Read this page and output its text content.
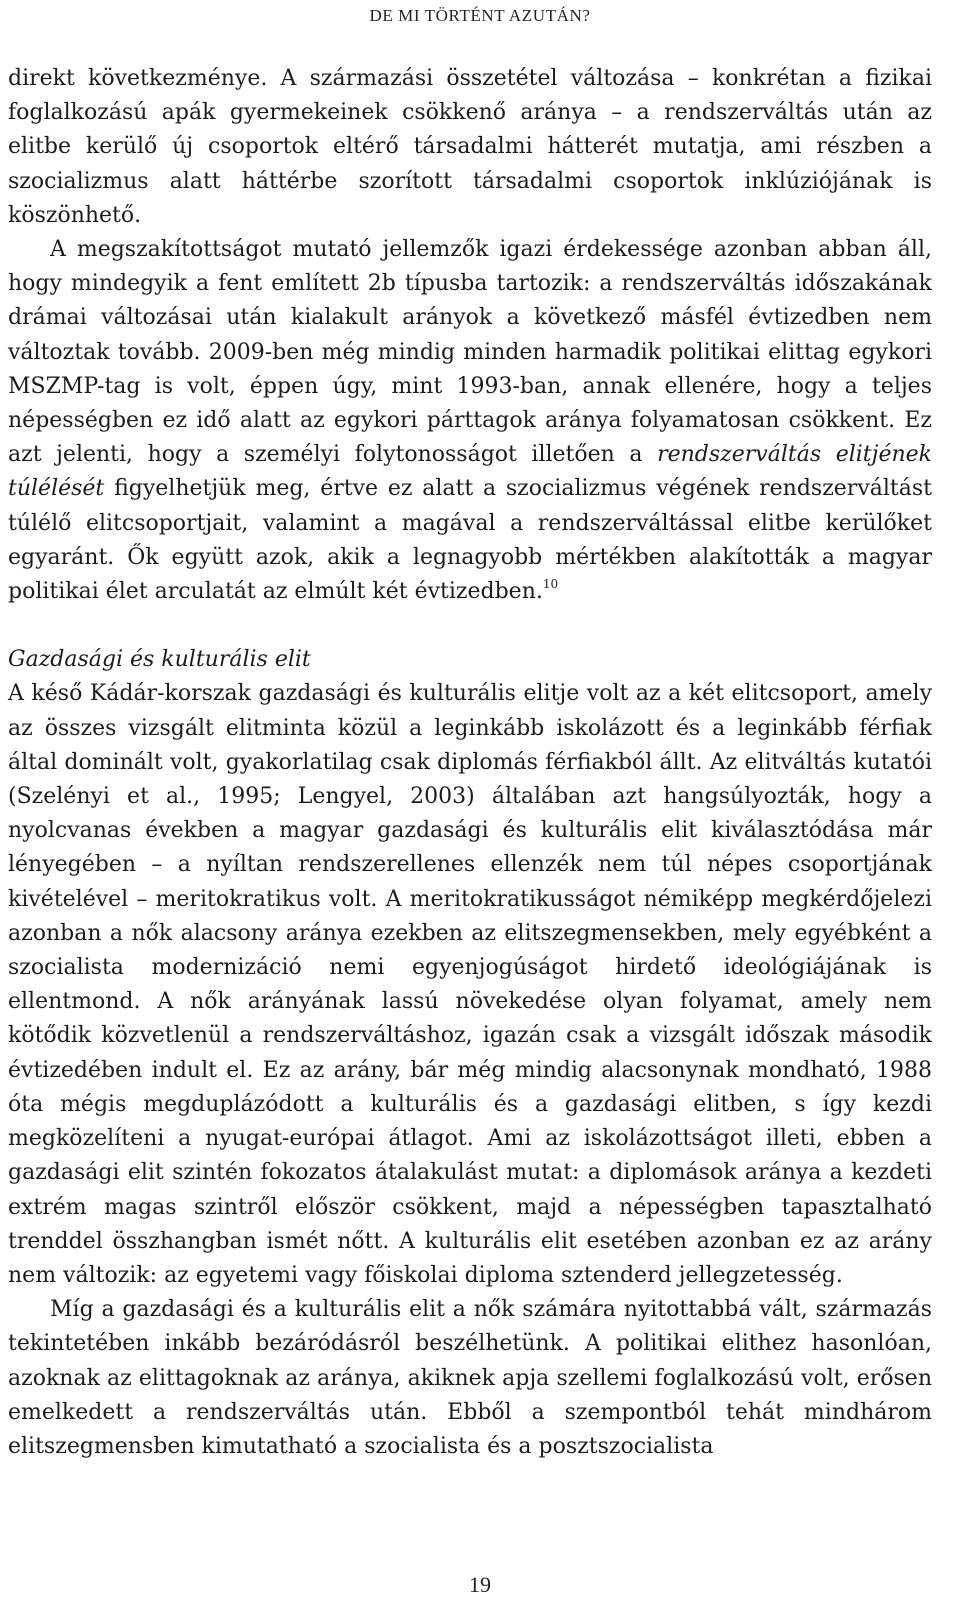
DE MI TÖRTÉNT AZUTÁN?

direkt következménye. A származási összetétel változása – konkrétan a fizikai foglalkozású apák gyermekeinek csökkenő aránya – a rendszerváltás után az elitbe kerülő új csoportok eltérő társadalmi hátterét mutatja, ami részben a szocializmus alatt háttérbe szorított társadalmi csoportok inklúziójának is köszönhető.

A megszakítottságot mutató jellemzők igazi érdekessége azonban abban áll, hogy mindegyik a fent említett 2b típusba tartozik: a rendszerváltás időszakának drámai változásai után kialakult arányok a következő másfél évtizedben nem változtak tovább. 2009-ben még mindig minden harmadik politikai elittag egykori MSZMP-tag is volt, éppen úgy, mint 1993-ban, annak ellenére, hogy a teljes népességben ez idő alatt az egykori párttagok aránya folyamatosan csökkent. Ez azt jelenti, hogy a személyi folytonosságot illetően a rendszerváltás elitjének túlélését figyelhetjük meg, értve ez alatt a szocializmus végének rendszerváltást túlélő elitcsoportjait, valamint a magával a rendszerváltással elitbe kerülőket egyaránt. Ők együtt azok, akik a legnagyobb mértékben alakították a magyar politikai élet arculatát az elmúlt két évtizedben.$^{10}$

Gazdasági és kulturális elit

A késő Kádár-korszak gazdasági és kulturális elitje volt az a két elitcsoport, amely az összes vizsgált elitminta közül a leginkább iskolázott és a leginkább férfiak által dominált volt, gyakorlatilag csak diplomás férfiakból állt. Az elitváltás kutatói (Szelényi et al., 1995; Lengyel, 2003) általában azt hangsúlyozták, hogy a nyolcvanas években a magyar gazdasági és kulturális elit kiválasztódása már lényegében – a nyíltan rendszerellenes ellenzék nem túl népes csoportjának kivételével – meritokratikus volt. A meritokratikusságot némiképp megkérdőjelezi azonban a nők alacsony aránya ezekben az elitszegmensekben, mely egyébként a szocialista modernizáció nemi egyenjogúságot hirdető ideológiájának is ellentmond. A nők arányának lassú növekedése olyan folyamat, amely nem kötődik közvetlenül a rendszerváltáshoz, igazán csak a vizsgált időszak második évtizedében indult el. Ez az arány, bár még mindig alacsonynak mondható, 1988 óta mégis megduplázódott a kulturális és a gazdasági elitben, s így kezdi megközelíteni a nyugat-európai átlagot. Ami az iskolázottságot illeti, ebben a gazdasági elit szintén fokozatos átalakulást mutat: a diplomások aránya a kezdeti extrém magas szintről először csökkent, majd a népességben tapasztalható trenddel összhangban ismét nőtt. A kulturális elit esetében azonban ez az arány nem változik: az egyetemi vagy főiskolai diploma sztenderd jellegzetesség.

Míg a gazdasági és a kulturális elit a nők számára nyitottabbá vált, származás tekintetében inkább bezáródásról beszélhetünk. A politikai elithez hasonlóan, azoknak az elittagoknak az aránya, akiknek apja szellemi foglalkozású volt, erősen emelkedett a rendszerváltás után. Ebből a szempontból tehát mindhárom elitszegmensben kimutatható a szocialista és a posztszocialista

19
